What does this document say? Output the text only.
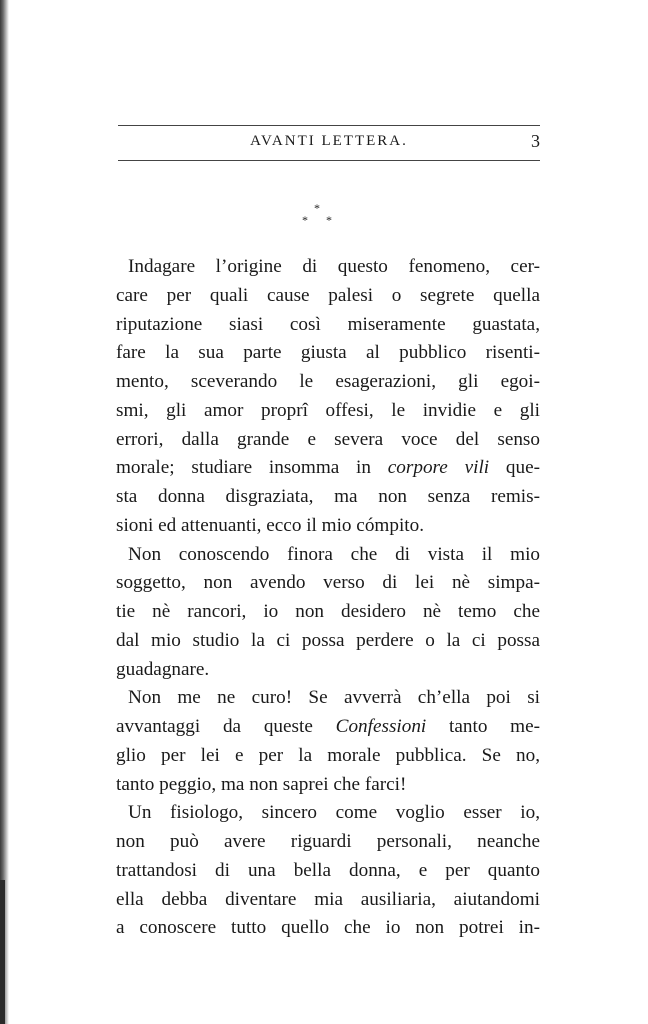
AVANTI LETTERA.	3
*
* *
Indagare l’origine di questo fenomeno, cer-
care per quali cause palesi o segrete quella
riputazione siasi così miseramente guastata,
fare la sua parte giusta al pubblico risenti-
mento, sceverando le esagerazioni, gli egoi-
smi, gli amor proprî offesi, le invidie e gli
errori, dalla grande e severa voce del senso
morale; studiare insomma in corpore vili que-
sta donna disgraziata, ma non senza remis-
sioni ed attenuanti, ecco il mio cómpito.
Non conoscendo finora che di vista il mio
soggetto, non avendo verso di lei nè simpa-
tie nè rancori, io non desidero nè temo che
dal mio studio la ci possa perdere o la ci possa
guadagnare.
Non me ne curo! Se avverrà ch’ella poi si
avvantaggi da queste Confessioni tanto me-
glio per lei e per la morale pubblica. Se no,
tanto peggio, ma non saprei che farci!
Un fisiologo, sincero come voglio esser io,
non può avere riguardi personali, neanche
trattandosi di una bella donna, e per quanto
ella debba diventare mia ausiliaria, aiutandomi
a conoscere tutto quello che io non potrei in-
